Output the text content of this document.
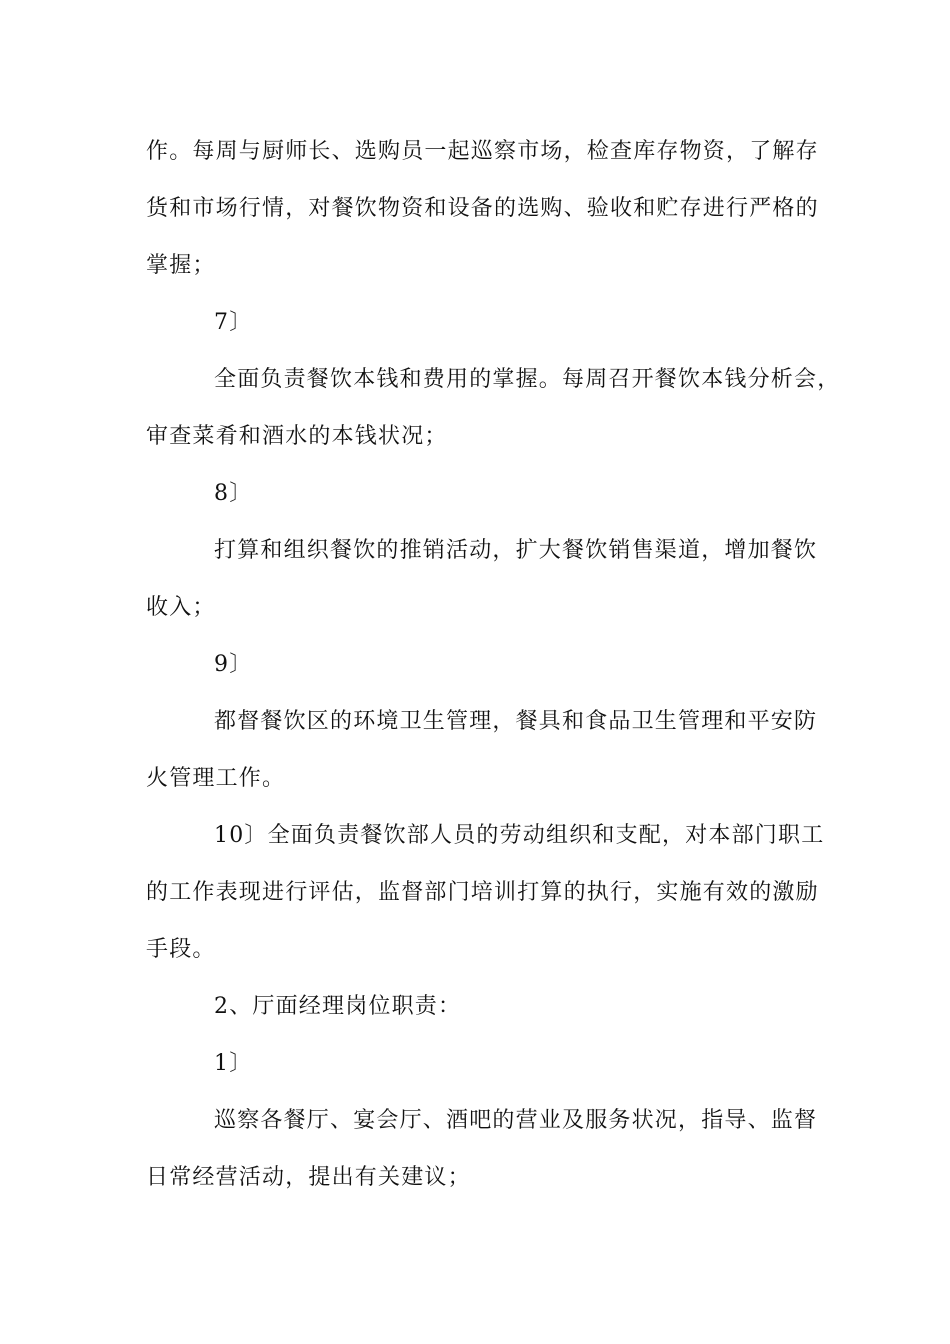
作。每周与厨师长、选购员一起巡察市场，检查库存物资，了解存
货和市场行情，对餐饮物资和设备的选购、验收和贮存进行严格的
掌握；
7〕
全面负责餐饮本钱和费用的掌握。每周召开餐饮本钱分析会，
审查菜肴和酒水的本钱状况；
8〕
打算和组织餐饮的推销活动，扩大餐饮销售渠道，增加餐饮
收入；
9〕
都督餐饮区的环境卫生管理，餐具和食品卫生管理和平安防
火管理工作。
10〕全面负责餐饮部人员的劳动组织和支配，对本部门职工
的工作表现进行评估，监督部门培训打算的执行，实施有效的激励
手段。
2、厅面经理岗位职责：
1〕
巡察各餐厅、宴会厅、酒吧的营业及服务状况，指导、监督
日常经营活动，提出有关建议；
